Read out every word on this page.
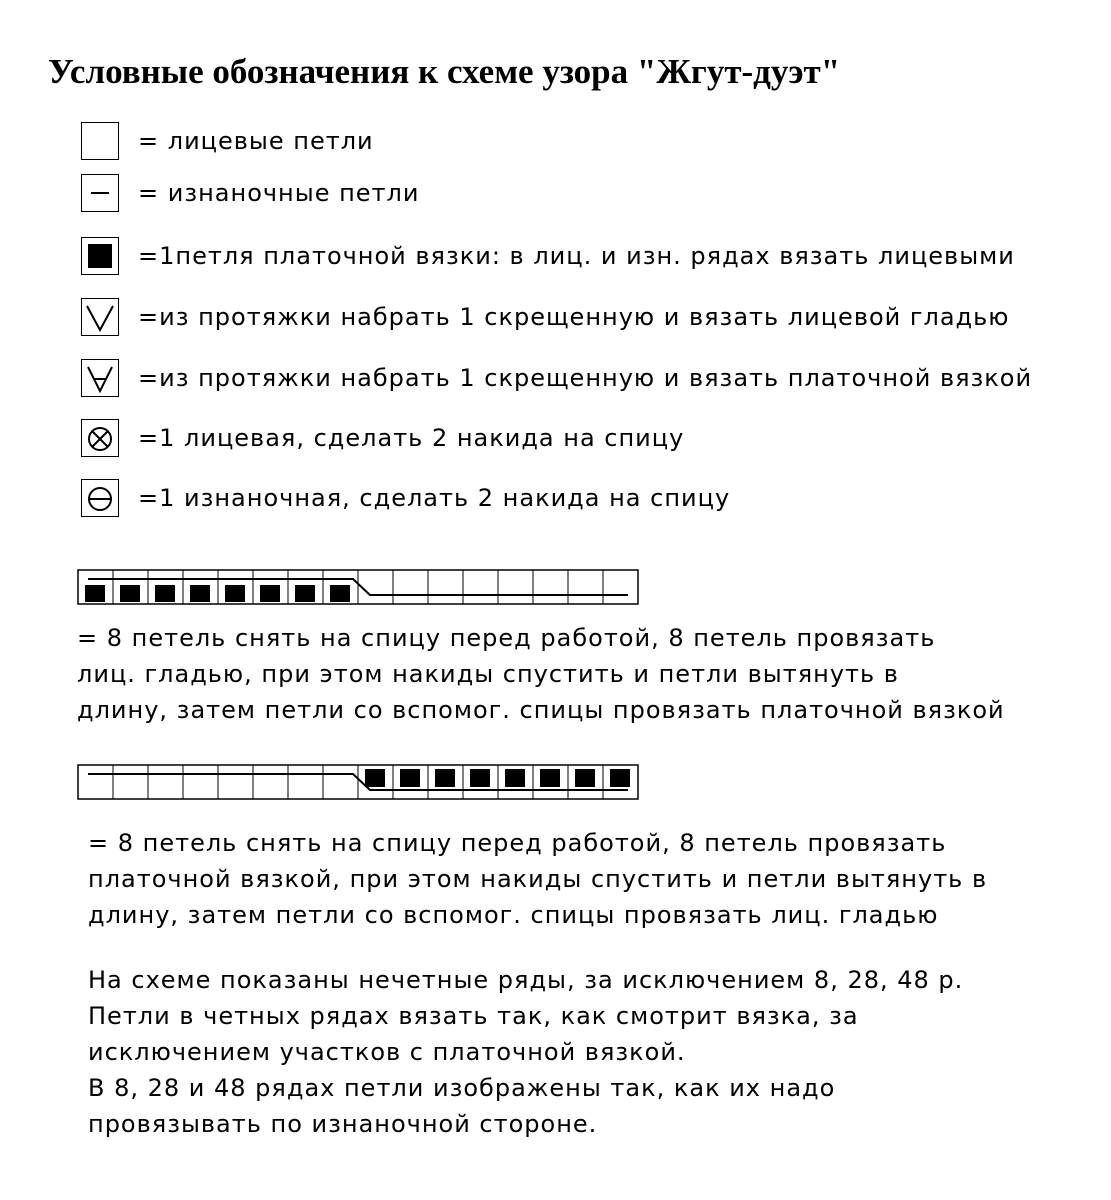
Условные обозначения к схеме узора "Жгут-дуэт"
= лицевые петли
= изнаночные петли
=1петля платочной вязки: в лиц. и изн. рядах вязать лицевыми
=из протяжки набрать 1 скрещенную и вязать лицевой гладью
=из протяжки набрать 1 скрещенную и вязать платочной вязкой
=1 лицевая, сделать 2 накида на спицу
=1 изнаночная, сделать 2 накида на спицу
= 8 петель снять на спицу перед работой, 8 петель провязать
лиц. гладью, при этом накиды спустить и петли вытянуть в
длину, затем петли со вспомог. спицы провязать платочной вязкой
= 8 петель снять на спицу перед работой, 8 петель провязать
платочной вязкой, при этом накиды спустить и петли вытянуть в
длину, затем петли со вспомог. спицы провязать лиц. гладью
На схеме показаны нечетные ряды, за исключением 8, 28, 48 р.
Петли в четных рядах вязать так, как смотрит вязка, за
исключением участков с платочной вязкой.
В 8, 28 и 48 рядах петли изображены так, как их надо
провязывать по изнаночной стороне.
